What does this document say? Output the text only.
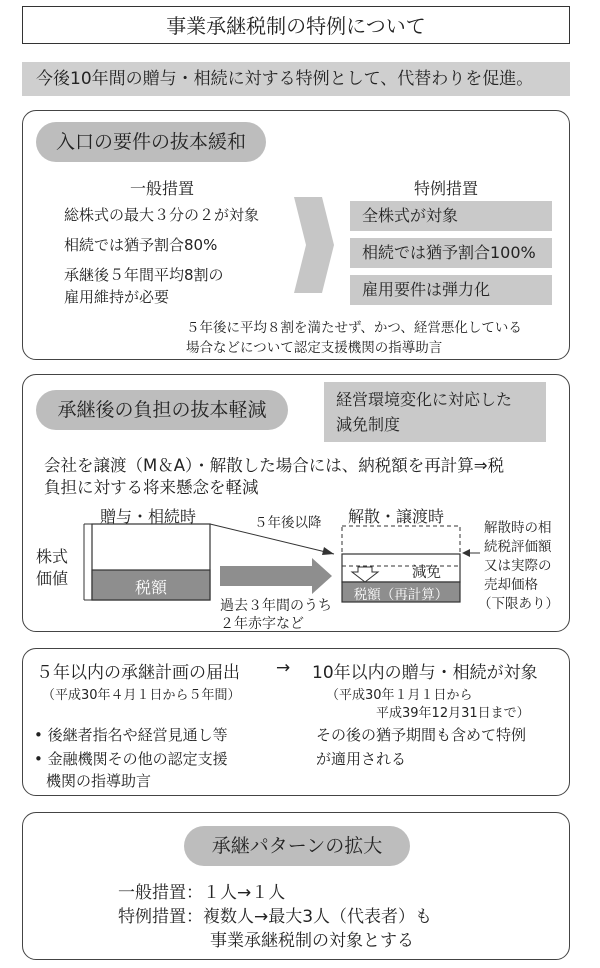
事業承継税制の特例について
今後10年間の贈与・相続に対する特例として、代替わりを促進。
入口の要件の抜本緩和
一般措置
総株式の最大３分の２が対象
相続では猶予割合80%
承継後５年間平均8割の
雇用維持が必要
特例措置
全株式が対象
相続では猶予割合100%
雇用要件は弾力化
５年後に平均８割を満たせず、かつ、経営悪化している
場合などについて認定支援機関の指導助言
承継後の負担の抜本軽減	経営環境変化に対応した
減免制度
会社を譲渡（M＆A）・解散した場合には、納税額を再計算⇒税
負担に対する将来懸念を軽減
贈与・相続時	５年後以降 解散・譲渡時
株式
価値	税額
減免
税額（再計算）
過去３年間のうち
２年赤字など
解散時の相
続税評価額
又は実際の
売却価格
（下限あり）
５年以内の承継計画の届出 → 10年以内の贈与・相続が対象
（平成30年４月１日から５年間）	（平成30年１月１日から
平成39年12月31日まで）
• 後継者指名や経営見通し等
• 金融機関その他の認定支援
機関の指導助言
その後の猶予期間も含めて特例
が適用される
承継パターンの拡大
一般措置：１人→１人
特例措置：複数人→最大3人（代表者）も
事業承継税制の対象とする
